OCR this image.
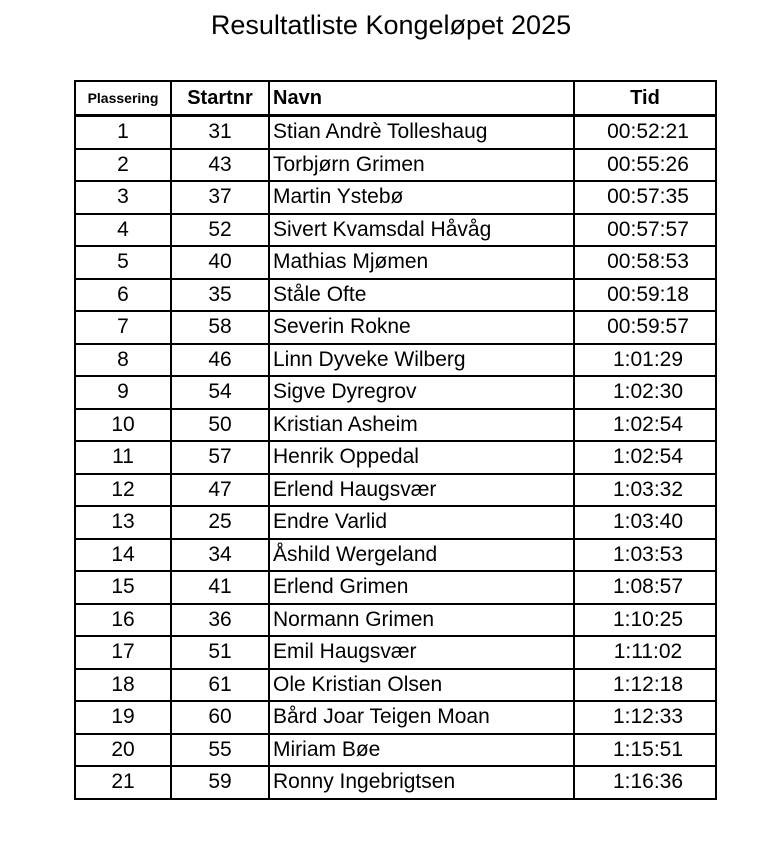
Resultatliste Kongeløpet 2025
Plassering	Startnr	Navn	Tid
1	31	Stian Andrè Tolleshaug	00:52:21
2	43	Torbjørn Grimen	00:55:26
3	37	Martin Ystebø	00:57:35
4	52	Sivert Kvamsdal Håvåg	00:57:57
5	40	Mathias Mjømen	00:58:53
6	35	Ståle Ofte	00:59:18
7	58	Severin Rokne	00:59:57
8	46	Linn Dyveke Wilberg	1:01:29
9	54	Sigve Dyregrov	1:02:30
10	50	Kristian Asheim	1:02:54
11	57	Henrik Oppedal	1:02:54
12	47	Erlend Haugsvær	1:03:32
13	25	Endre Varlid	1:03:40
14	34	Åshild Wergeland	1:03:53
15	41	Erlend Grimen	1:08:57
16	36	Normann Grimen	1:10:25
17	51	Emil Haugsvær	1:11:02
18	61	Ole Kristian Olsen	1:12:18
19	60	Bård Joar Teigen Moan	1:12:33
20	55	Miriam Bøe	1:15:51
21	59	Ronny Ingebrigtsen	1:16:36
